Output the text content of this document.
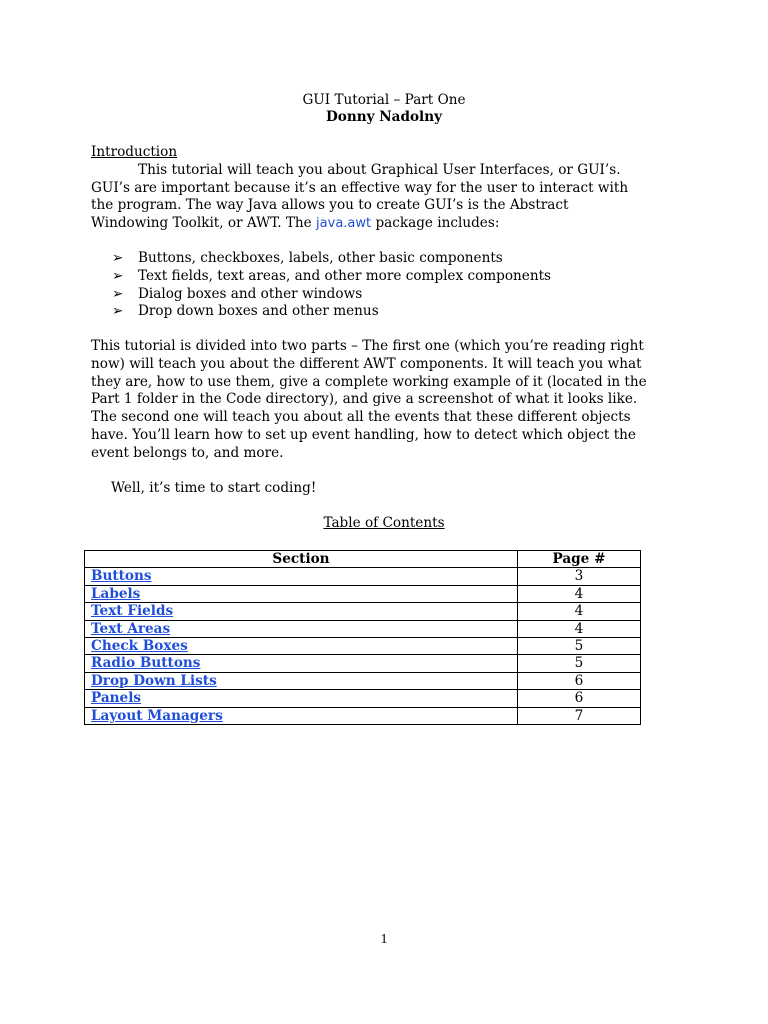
GUI Tutorial – Part One
Donny Nadolny
Introduction
This tutorial will teach you about Graphical User Interfaces, or GUI’s.
GUI’s are important because it’s an effective way for the user to interact with
the program. The way Java allows you to create GUI’s is the Abstract
Windowing Toolkit, or AWT. The java.awt package includes:
➢ Buttons, checkboxes, labels, other basic components
➢ Text fields, text areas, and other more complex components
➢ Dialog boxes and other windows
➢ Drop down boxes and other menus
This tutorial is divided into two parts – The first one (which you’re reading right
now) will teach you about the different AWT components. It will teach you what
they are, how to use them, give a complete working example of it (located in the
Part 1 folder in the Code directory), and give a screenshot of what it looks like.
The second one will teach you about all the events that these different objects
have. You’ll learn how to set up event handling, how to detect which object the
event belongs to, and more.
Well, it’s time to start coding!
Table of Contents
Section	Page #
Buttons	3
Labels	4
Text Fields	4
Text Areas	4
Check Boxes	5
Radio Buttons	5
Drop Down Lists	6
Panels	6
Layout Managers	7
1
